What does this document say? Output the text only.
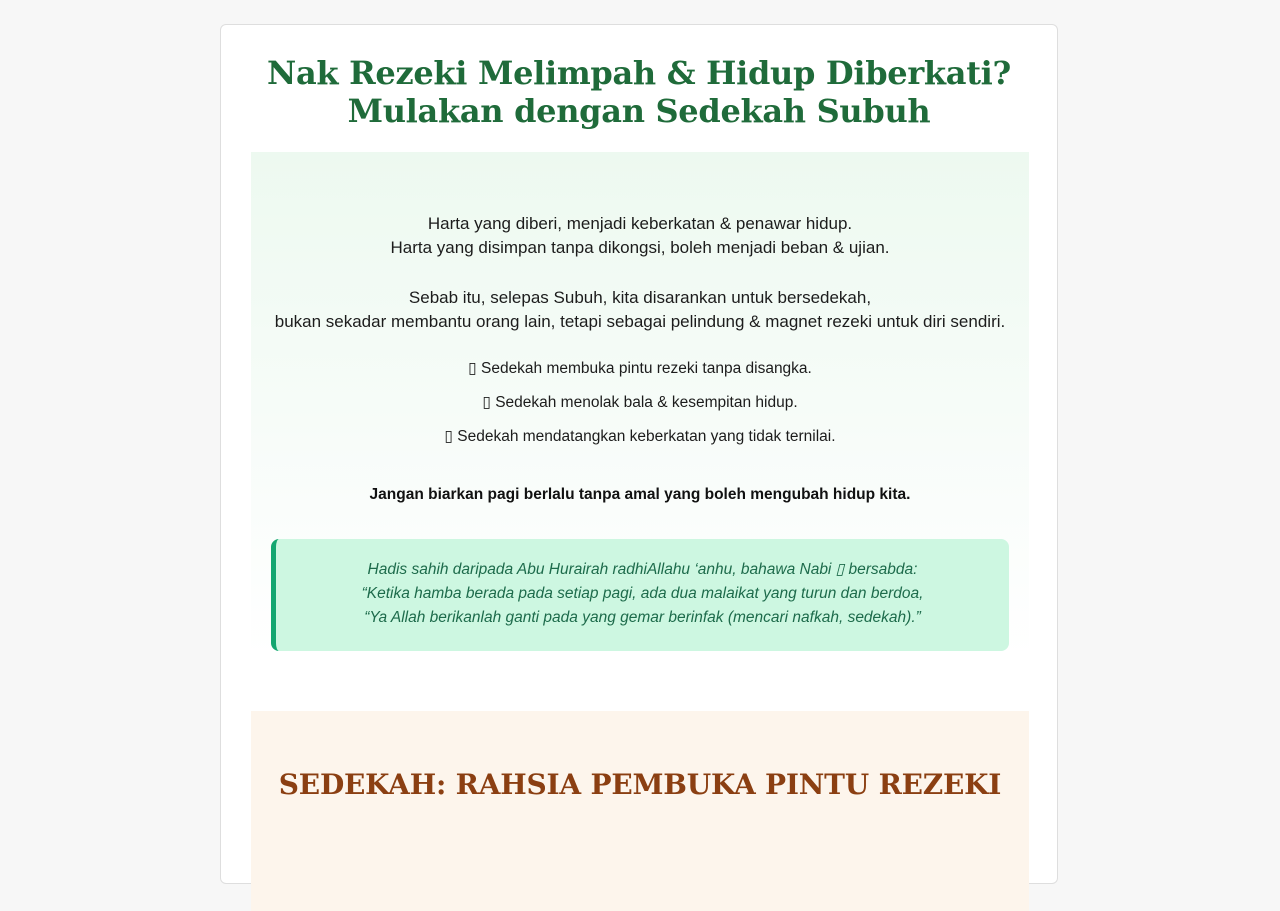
Nak Rezeki Melimpah & Hidup Diberkati?
Mulakan dengan Sedekah Subuh

Harta yang diberi, menjadi keberkatan & penawar hidup.
Harta yang disimpan tanpa dikongsi, boleh menjadi beban & ujian.

Sebab itu, selepas Subuh, kita disarankan untuk bersedekah,
bukan sekadar membantu orang lain, tetapi sebagai pelindung & magnet rezeki untuk diri sendiri.

▯ Sedekah membuka pintu rezeki tanpa disangka.
▯ Sedekah menolak bala & kesempitan hidup.
▯ Sedekah mendatangkan keberkatan yang tidak ternilai.

Jangan biarkan pagi berlalu tanpa amal yang boleh mengubah hidup kita.

Hadis sahih daripada Abu Hurairah radhiAllahu ‘anhu, bahawa Nabi ▯ bersabda:
“Ketika hamba berada pada setiap pagi, ada dua malaikat yang turun dan berdoa,
“Ya Allah berikanlah ganti pada yang gemar berinfak (mencari nafkah, sedekah).”
SEDEKAH: RAHSIA PEMBUKA PINTU REZEKI
